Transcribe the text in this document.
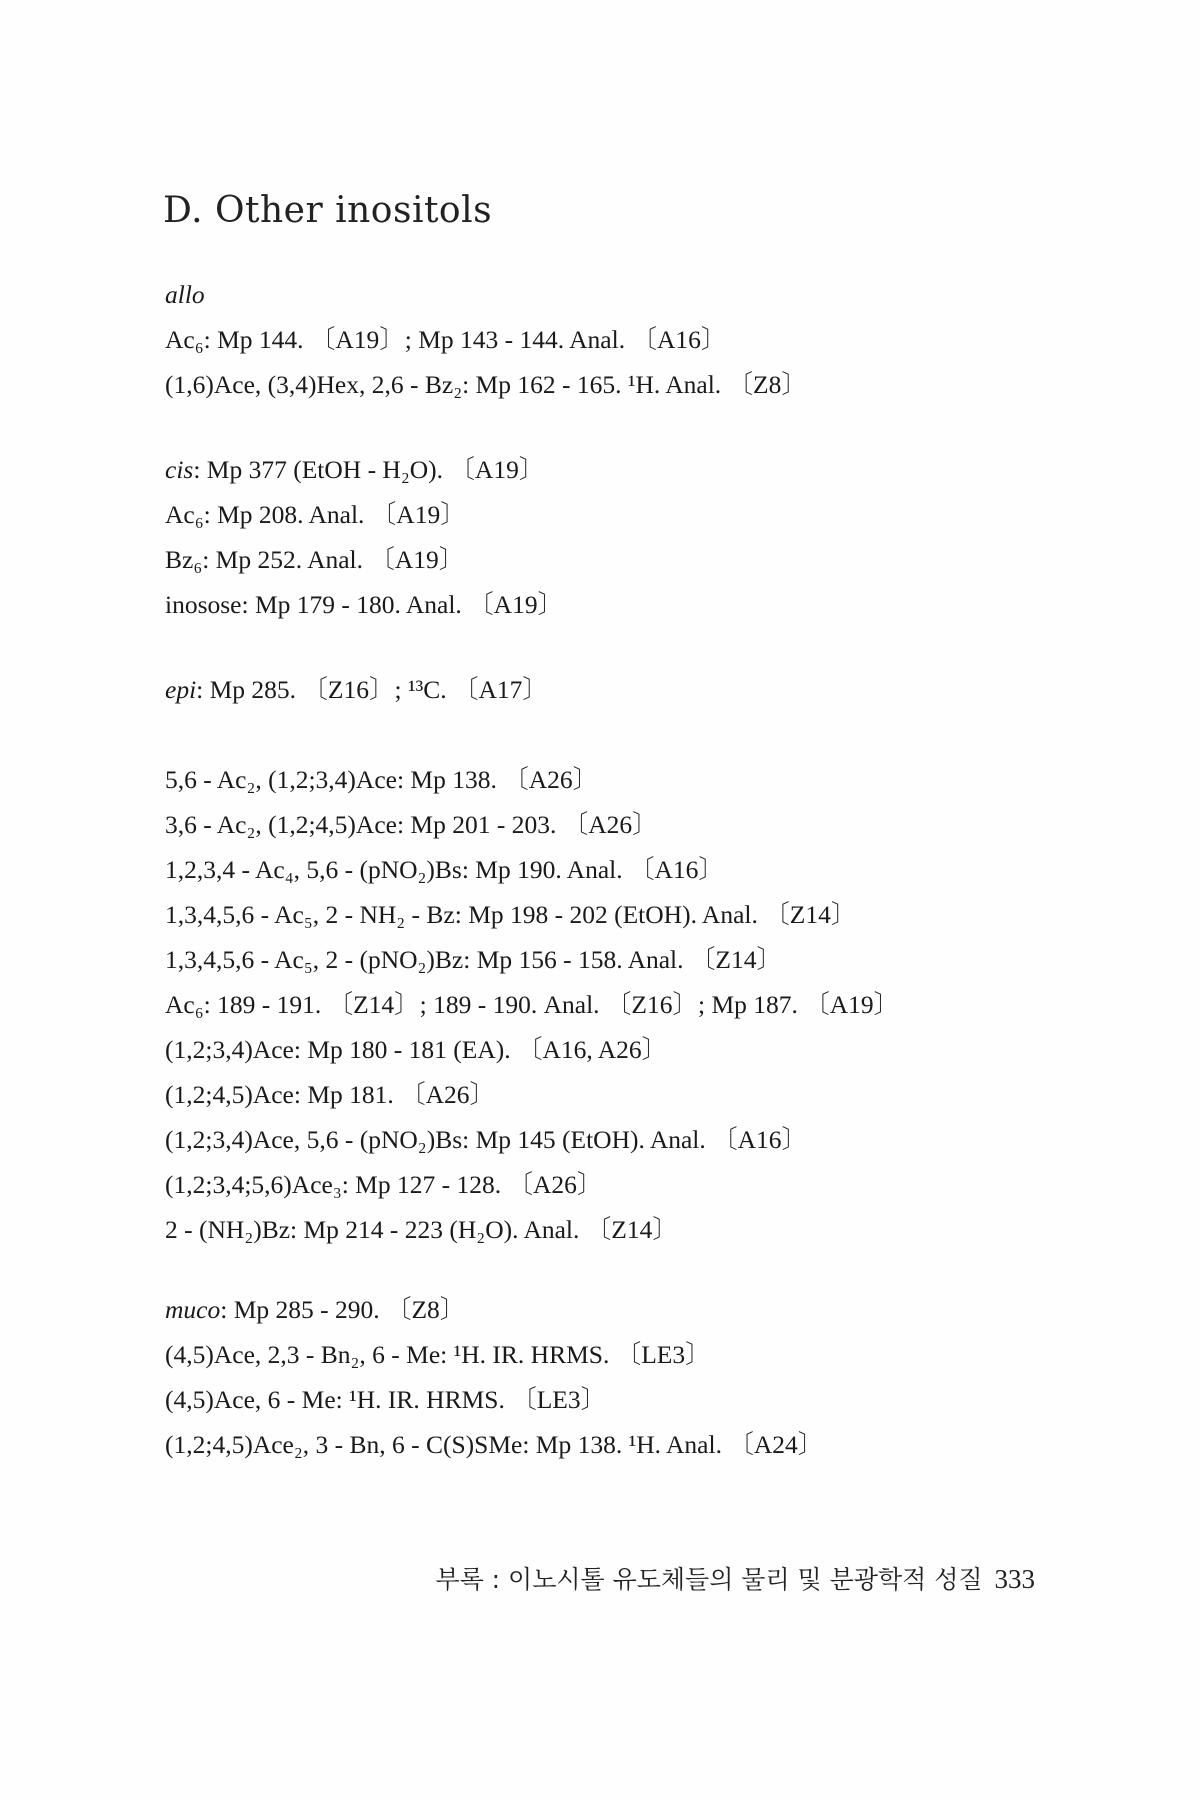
D. Other inositols
allo
Ac₆: Mp 144. 〔A19〕; Mp 143 - 144. Anal. 〔A16〕
(1,6)Ace, (3,4)Hex, 2,6 - Bz₂: Mp 162 - 165. ¹H. Anal. 〔Z8〕
cis: Mp 377 (EtOH - H₂O). 〔A19〕
Ac₆: Mp 208. Anal. 〔A19〕
Bz₆: Mp 252. Anal. 〔A19〕
inosose: Mp 179 - 180. Anal. 〔A19〕
epi: Mp 285. 〔Z16〕; ¹³C. 〔A17〕
5,6 - Ac₂, (1,2;3,4)Ace: Mp 138. 〔A26〕
3,6 - Ac₂, (1,2;4,5)Ace: Mp 201 - 203. 〔A26〕
1,2,3,4 - Ac₄, 5,6 - (pNO₂)Bs: Mp 190. Anal. 〔A16〕
1,3,4,5,6 - Ac₅, 2 - NH₂ - Bz: Mp 198 - 202 (EtOH). Anal. 〔Z14〕
1,3,4,5,6 - Ac₅, 2 - (pNO₂)Bz: Mp 156 - 158. Anal. 〔Z14〕
Ac₆: 189 - 191. 〔Z14〕; 189 - 190. Anal. 〔Z16〕; Mp 187. 〔A19〕
(1,2;3,4)Ace: Mp 180 - 181 (EA). 〔A16, A26〕
(1,2;4,5)Ace: Mp 181. 〔A26〕
(1,2;3,4)Ace, 5,6 - (pNO₂)Bs: Mp 145 (EtOH). Anal. 〔A16〕
(1,2;3,4;5,6)Ace₃: Mp 127 - 128. 〔A26〕
2 - (NH₂)Bz: Mp 214 - 223 (H₂O). Anal. 〔Z14〕
muco: Mp 285 - 290. 〔Z8〕
(4,5)Ace, 2,3 - Bn₂, 6 - Me: ¹H. IR. HRMS. 〔LE3〕
(4,5)Ace, 6 - Me: ¹H. IR. HRMS. 〔LE3〕
(1,2;4,5)Ace₂, 3 - Bn, 6 - C(S)SMe: Mp 138. ¹H. Anal. 〔A24〕
부록 : 이노시톨 유도체들의 물리 및 분광학적 성질 333
